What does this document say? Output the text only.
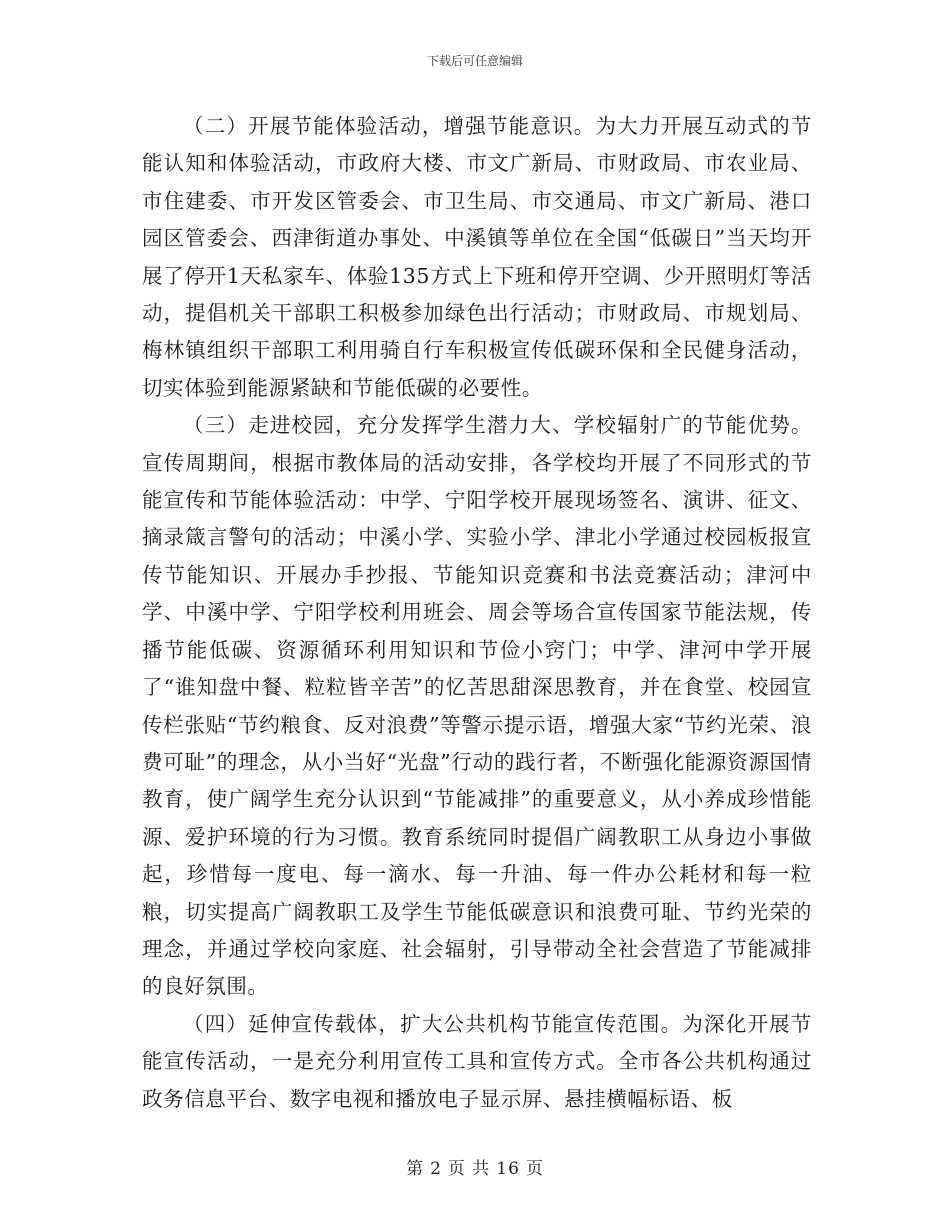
下载后可任意编辑

（二）开展节能体验活动，增强节能意识。为大力开展互动式的节能认知和体验活动，市政府大楼、市文广新局、市财政局、市农业局、市住建委、市开发区管委会、市卫生局、市交通局、市文广新局、港口园区管委会、西津街道办事处、中溪镇等单位在全国“低碳日”当天均开展了停开1天私家车、体验135方式上下班和停开空调、少开照明灯等活动，提倡机关干部职工积极参加绿色出行活动；市财政局、市规划局、梅林镇组织干部职工利用骑自行车积极宣传低碳环保和全民健身活动，切实体验到能源紧缺和节能低碳的必要性。

（三）走进校园，充分发挥学生潜力大、学校辐射广的节能优势。宣传周期间，根据市教体局的活动安排，各学校均开展了不同形式的节能宣传和节能体验活动：中学、宁阳学校开展现场签名、演讲、征文、摘录箴言警句的活动；中溪小学、实验小学、津北小学通过校园板报宣传节能知识、开展办手抄报、节能知识竞赛和书法竞赛活动；津河中学、中溪中学、宁阳学校利用班会、周会等场合宣传国家节能法规，传播节能低碳、资源循环利用知识和节俭小窍门；中学、津河中学开展了“谁知盘中餐、粒粒皆辛苦”的忆苦思甜深思教育，并在食堂、校园宣传栏张贴“节约粮食、反对浪费”等警示提示语，增强大家“节约光荣、浪费可耻”的理念，从小当好“光盘”行动的践行者，不断强化能源资源国情教育，使广阔学生充分认识到“节能减排”的重要意义，从小养成珍惜能源、爱护环境的行为习惯。教育系统同时提倡广阔教职工从身边小事做起，珍惜每一度电、每一滴水、每一升油、每一件办公耗材和每一粒粮，切实提高广阔教职工及学生节能低碳意识和浪费可耻、节约光荣的理念，并通过学校向家庭、社会辐射，引导带动全社会营造了节能减排的良好氛围。

（四）延伸宣传载体，扩大公共机构节能宣传范围。为深化开展节能宣传活动，一是充分利用宣传工具和宣传方式。全市各公共机构通过政务信息平台、数字电视和播放电子显示屏、悬挂横幅标语、板

第 2 页 共 16 页
